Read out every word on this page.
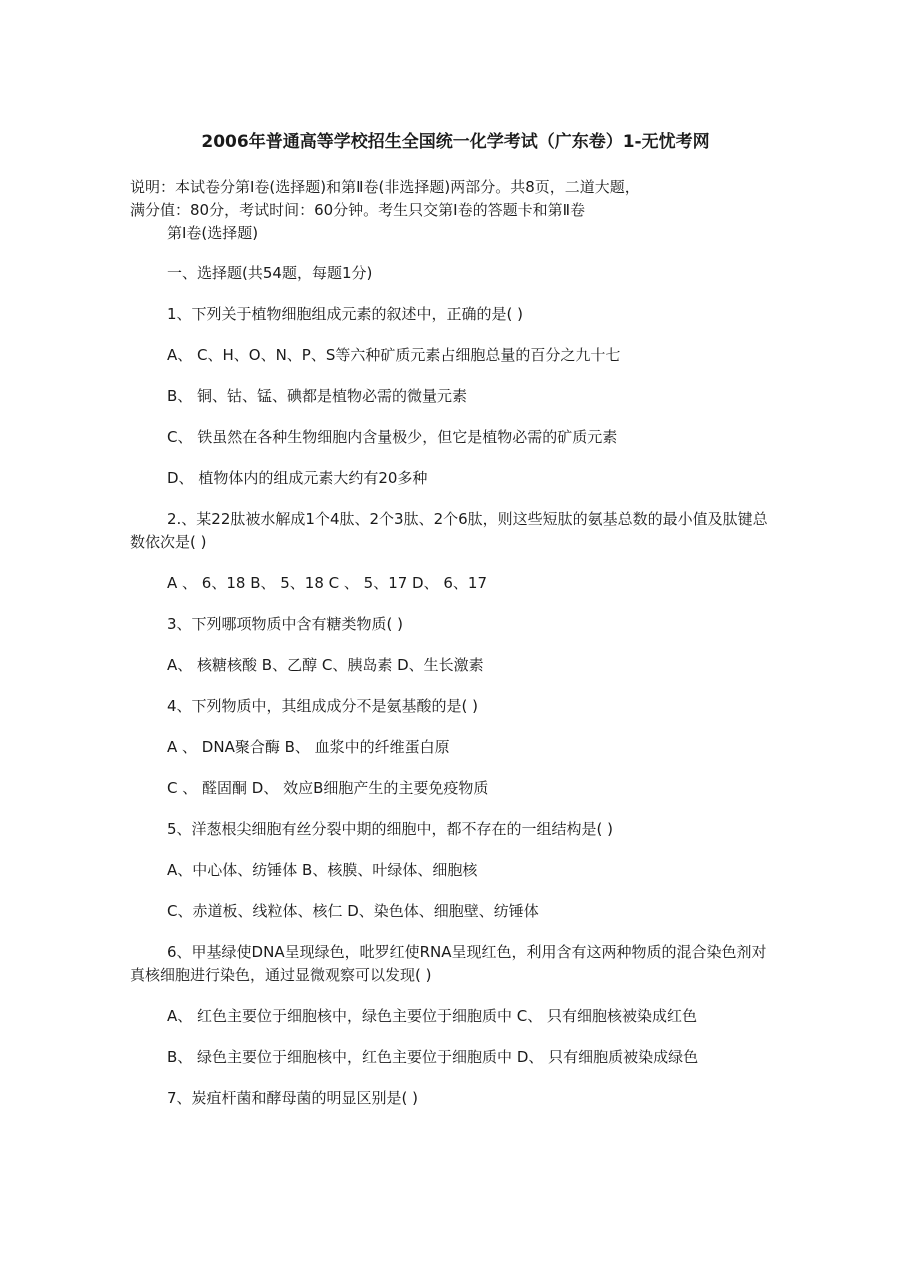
2006年普通高等学校招生全国统一化学考试（广东卷）1-无忧考网

说明：本试卷分第Ⅰ卷(选择题)和第Ⅱ卷(非选择题)两部分。共8页，二道大题，

满分值：80分，考试时间：60分钟。考生只交第Ⅰ卷的答题卡和第Ⅱ卷

第Ⅰ卷(选择题)

一、选择题(共54题，每题1分)

1、下列关于植物细胞组成元素的叙述中，正确的是( )

A、 C、H、O、N、P、S等六种矿质元素占细胞总量的百分之九十七

B、 铜、钴、锰、碘都是植物必需的微量元素

C、 铁虽然在各种生物细胞内含量极少，但它是植物必需的矿质元素

D、 植物体内的组成元素大约有20多种

2.、某22肽被水解成1个4肽、2个3肽、2个6肽，则这些短肽的氨基总数的最小值及肽键总数依次是( )

A 、 6、18 B、 5、18 C 、 5、17 D、 6、17

3、下列哪项物质中含有糖类物质( )

A、 核糖核酸 B、乙醇 C、胰岛素 D、生长激素

4、下列物质中，其组成成分不是氨基酸的是( )

A 、 DNA聚合酶 B、 血浆中的纤维蛋白原

C 、 醛固酮 D、 效应B细胞产生的主要免疫物质

5、洋葱根尖细胞有丝分裂中期的细胞中，都不存在的一组结构是( )

A、中心体、纺锤体 B、核膜、叶绿体、细胞核

C、赤道板、线粒体、核仁 D、染色体、细胞壁、纺锤体

6、甲基绿使DNA呈现绿色，吡罗红使RNA呈现红色，利用含有这两种物质的混合染色剂对真核细胞进行染色，通过显微观察可以发现( )

A、 红色主要位于细胞核中，绿色主要位于细胞质中 C、 只有细胞核被染成红色

B、 绿色主要位于细胞核中，红色主要位于细胞质中 D、 只有细胞质被染成绿色

7、炭疽杆菌和酵母菌的明显区别是( )
